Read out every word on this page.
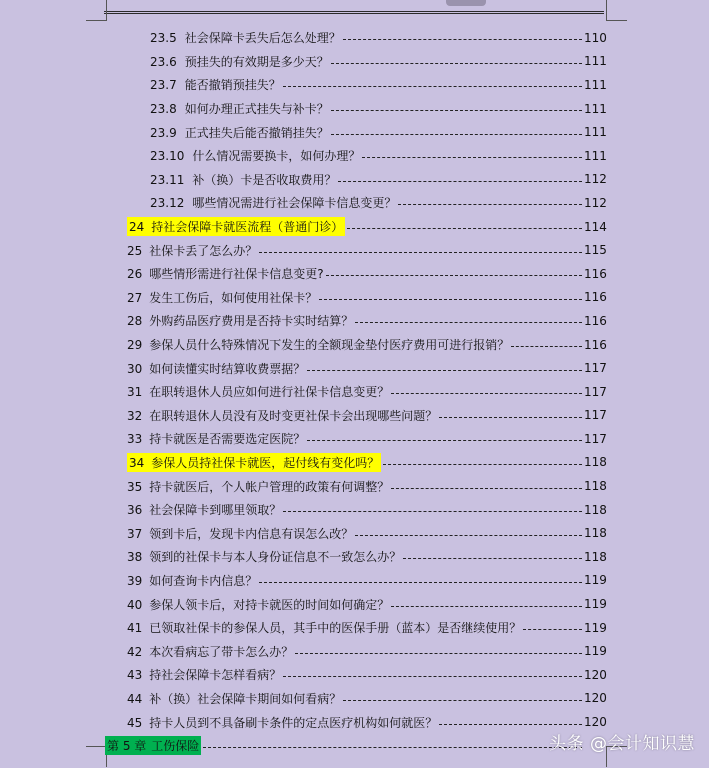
23.5 社会保障卡丢失后怎么处理？	110
23.6 预挂失的有效期是多少天？	111
23.7 能否撤销预挂失？	111
23.8 如何办理正式挂失与补卡？	111
23.9 正式挂失后能否撤销挂失？	111
23.10 什么情况需要换卡，如何办理？	111
23.11 补（换）卡是否收取费用？	112
23.12 哪些情况需进行社会保障卡信息变更？	112
24 持社会保障卡就医流程（普通门诊）	114
25 社保卡丢了怎么办？	115
26 哪些情形需进行社保卡信息变更?	116
27 发生工伤后，如何使用社保卡？	116
28 外购药品医疗费用是否持卡实时结算？	116
29 参保人员什么特殊情况下发生的全额现金垫付医疗费用可进行报销？	116
30 如何读懂实时结算收费票据？	117
31 在职转退休人员应如何进行社保卡信息变更？	117
32 在职转退休人员没有及时变更社保卡会出现哪些问题？	117
33 持卡就医是否需要选定医院？	117
34 参保人员持社保卡就医，起付线有变化吗？	118
35 持卡就医后，个人帐户管理的政策有何调整？	118
36 社会保障卡到哪里领取？	118
37 领到卡后，发现卡内信息有误怎么改？	118
38 领到的社保卡与本人身份证信息不一致怎么办？	118
39 如何查询卡内信息？	119
40 参保人领卡后，对持卡就医的时间如何确定？	119
41 已领取社保卡的参保人员，其手中的医保手册（蓝本）是否继续使用？	119
42 本次看病忘了带卡怎么办？	119
43 持社会保障卡怎样看病？	120
44 补（换）社会保障卡期间如何看病？	120
45 持卡人员到不具备刷卡条件的定点医疗机构如何就医？	120
第 5 章 工伤保险	头条 @会计知识慧
